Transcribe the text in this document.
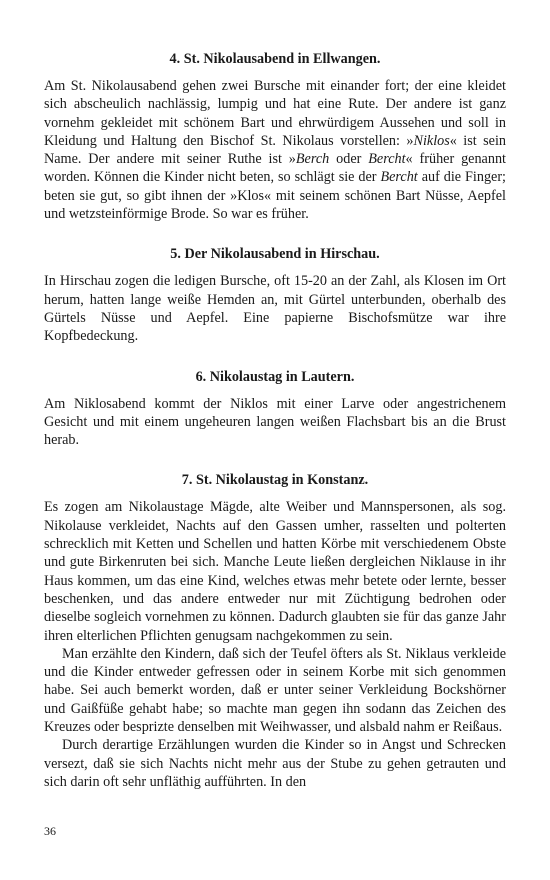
4. St. Nikolausabend in Ellwangen.

Am St. Nikolausabend gehen zwei Bursche mit einander fort; der eine kleidet sich abscheulich nachlässig, lumpig und hat eine Rute. Der andere ist ganz vornehm gekleidet mit schönem Bart und ehrwürdigem Aussehen und soll in Kleidung und Haltung den Bischof St. Nikolaus vorstellen: »Niklos« ist sein Name. Der andere mit seiner Ruthe ist »Berch oder Bercht« früher genannt worden. Können die Kinder nicht beten, so schlägt sie der Bercht auf die Finger; beten sie gut, so gibt ihnen der »Klos« mit seinem schönen Bart Nüsse, Aepfel und wetzsteinförmige Brode. So war es früher.

5. Der Nikolausabend in Hirschau.

In Hirschau zogen die ledigen Bursche, oft 15-20 an der Zahl, als Klosen im Ort herum, hatten lange weiße Hemden an, mit Gürtel unterbunden, oberhalb des Gürtels Nüsse und Aepfel. Eine papierne Bischofsmütze war ihre Kopfbedeckung.

6. Nikolaustag in Lautern.

Am Niklosabend kommt der Niklos mit einer Larve oder angestrichenem Gesicht und mit einem ungeheuren langen weißen Flachsbart bis an die Brust herab.

7. St. Nikolaustag in Konstanz.

Es zogen am Nikolaustage Mägde, alte Weiber und Mannspersonen, als sog. Nikolause verkleidet, Nachts auf den Gassen umher, rasselten und polterten schrecklich mit Ketten und Schellen und hatten Körbe mit verschiedenem Obste und gute Birkenruten bei sich. Manche Leute ließen dergleichen Niklause in ihr Haus kommen, um das eine Kind, welches etwas mehr betete oder lernte, besser beschenken, und das andere entweder nur mit Züchtigung bedrohen oder dieselbe sogleich vornehmen zu können. Dadurch glaubten sie für das ganze Jahr ihren elterlichen Pflichten genugsam nachgekommen zu sein.

Man erzählte den Kindern, daß sich der Teufel öfters als St. Niklaus verkleide und die Kinder entweder gefressen oder in seinem Korbe mit sich genommen habe. Sei auch bemerkt worden, daß er unter seiner Verkleidung Bockshörner und Gaißfüße gehabt habe; so machte man gegen ihn sodann das Zeichen des Kreuzes oder besprizte denselben mit Weihwasser, und alsbald nahm er Reißaus.

Durch derartige Erzählungen wurden die Kinder so in Angst und Schrecken versezt, daß sie sich Nachts nicht mehr aus der Stube zu gehen getrauten und sich darin oft sehr unfläthig aufführten. In den

36
